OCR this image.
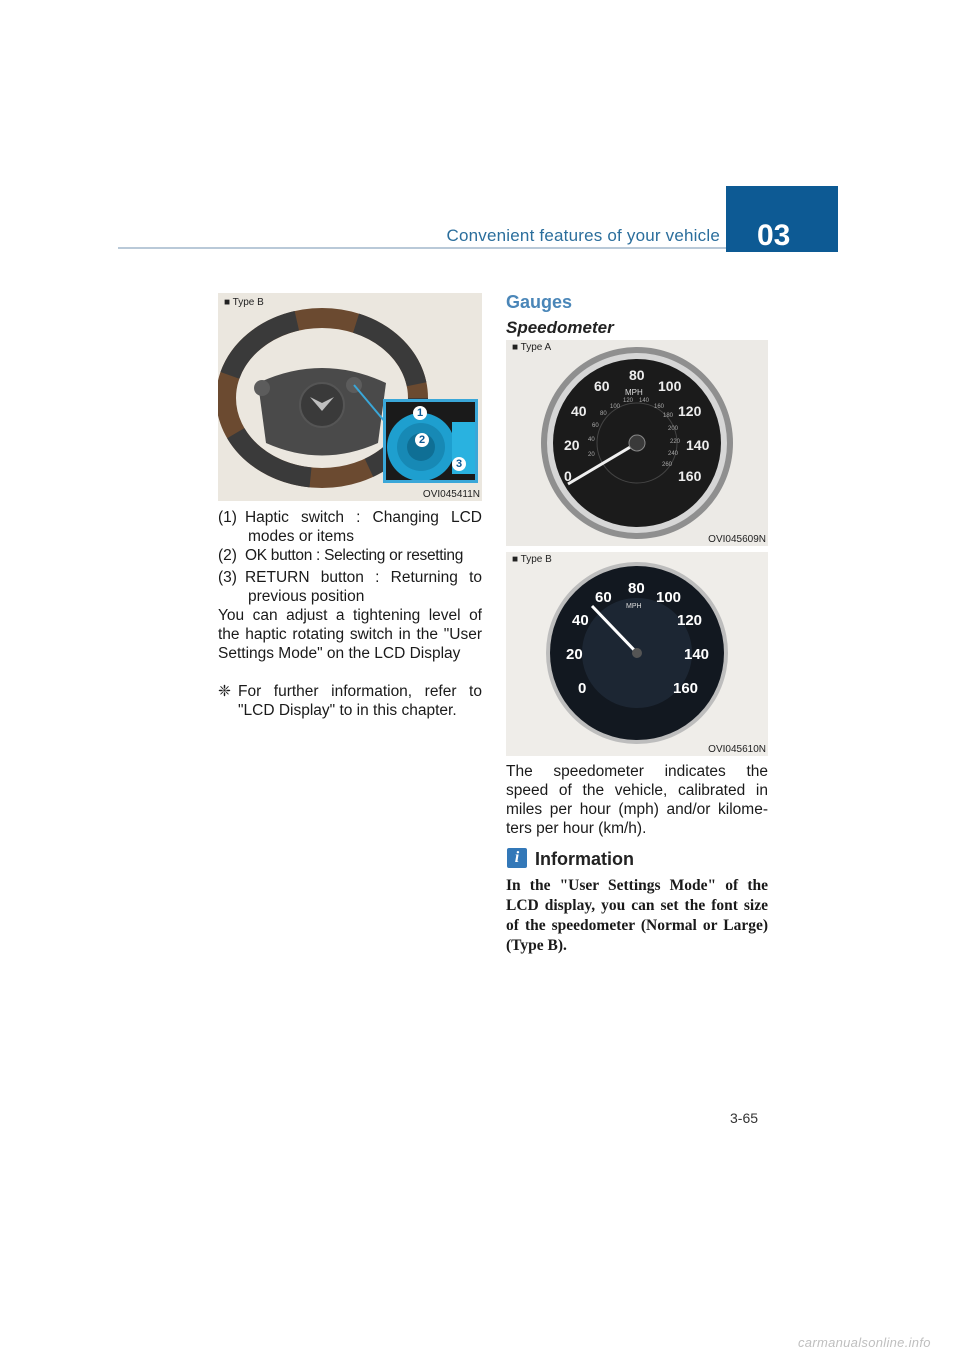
Convenient features of your vehicle 03
■ Type B
1
2
3
OVI045411N
(1) Haptic switch : Changing LCD
modes or items
(2) OK button : Selecting or resetting
(3) RETURN button : Returning to
previous position
You can adjust a tightening level of
the haptic rotating switch in the "User
Settings Mode" on the LCD Display
❈ For further information, refer to
"LCD Display" to in this chapter.
Gauges
Speedometer
■ Type A
0
20
40
60
80
100
120
140
160
MPH
20
40
60
80
100
120 140
160
180
200
220
240
260
OVI045609N
■ Type B
0
20
40
60
80
100
120
140
160
MPH
OVI045610N
The speedometer indicates the
speed of the vehicle, calibrated in
miles per hour (mph) and/or kilome-
ters per hour (km/h).
i Information
In the "User Settings Mode" of the
LCD display, you can set the font size
of the speedometer (Normal or Large)
(Type B).
3-65
carmanualsonline.info
